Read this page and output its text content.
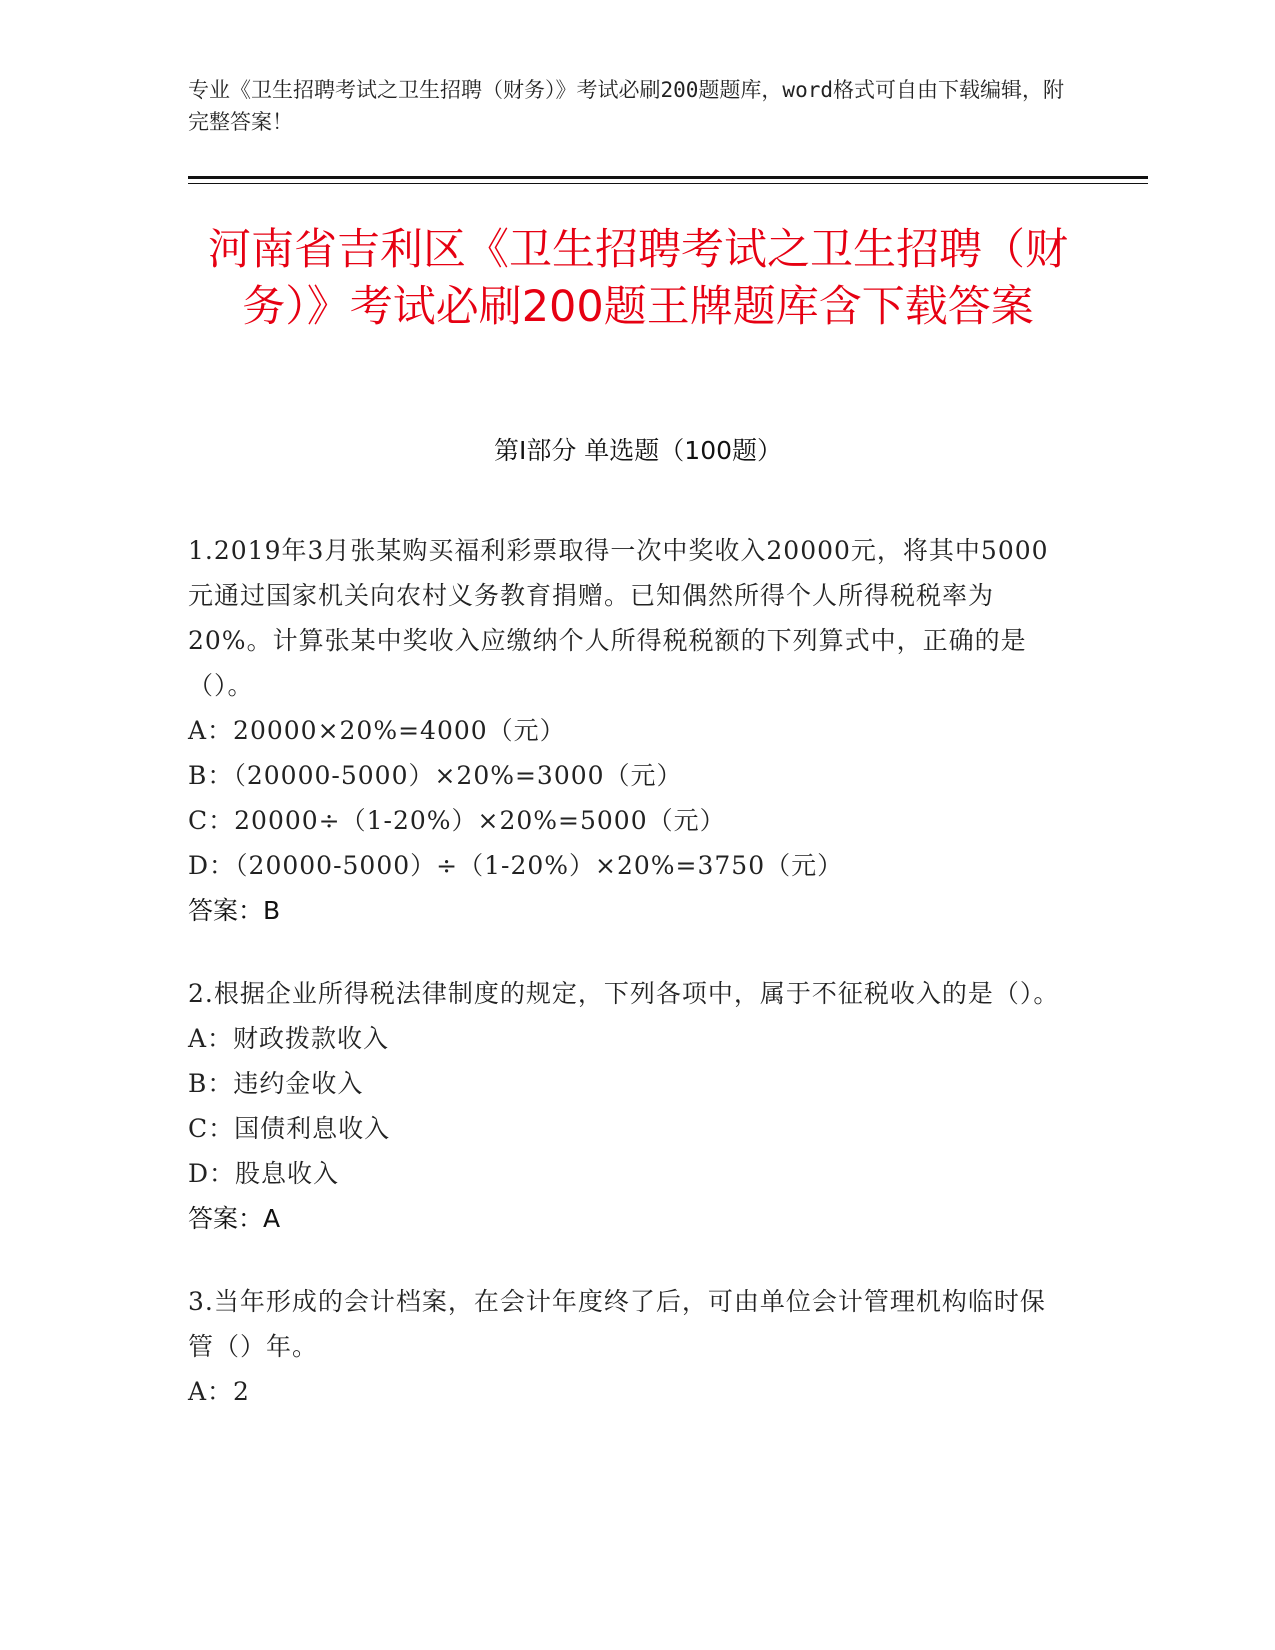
专业《卫生招聘考试之卫生招聘（财务）》考试必刷200题题库，word格式可自由下载编辑，附完整答案！
河南省吉利区《卫生招聘考试之卫生招聘（财务）》考试必刷200题王牌题库含下载答案
第I部分 单选题（100题）
1.2019年3月张某购买福利彩票取得一次中奖收入20000元，将其中5000元通过国家机关向农村义务教育捐赠。已知偶然所得个人所得税税率为20%。计算张某中奖收入应缴纳个人所得税税额的下列算式中，正确的是（）。
A：20000×20%=4000（元）
B：（20000-5000）×20%=3000（元）
C：20000÷（1-20%）×20%=5000（元）
D：（20000-5000）÷（1-20%）×20%=3750（元）
答案：B
2.根据企业所得税法律制度的规定，下列各项中，属于不征税收入的是（）。
A：财政拨款收入
B：违约金收入
C：国债利息收入
D：股息收入
答案：A
3.当年形成的会计档案，在会计年度终了后，可由单位会计管理机构临时保管（）年。
A：2
